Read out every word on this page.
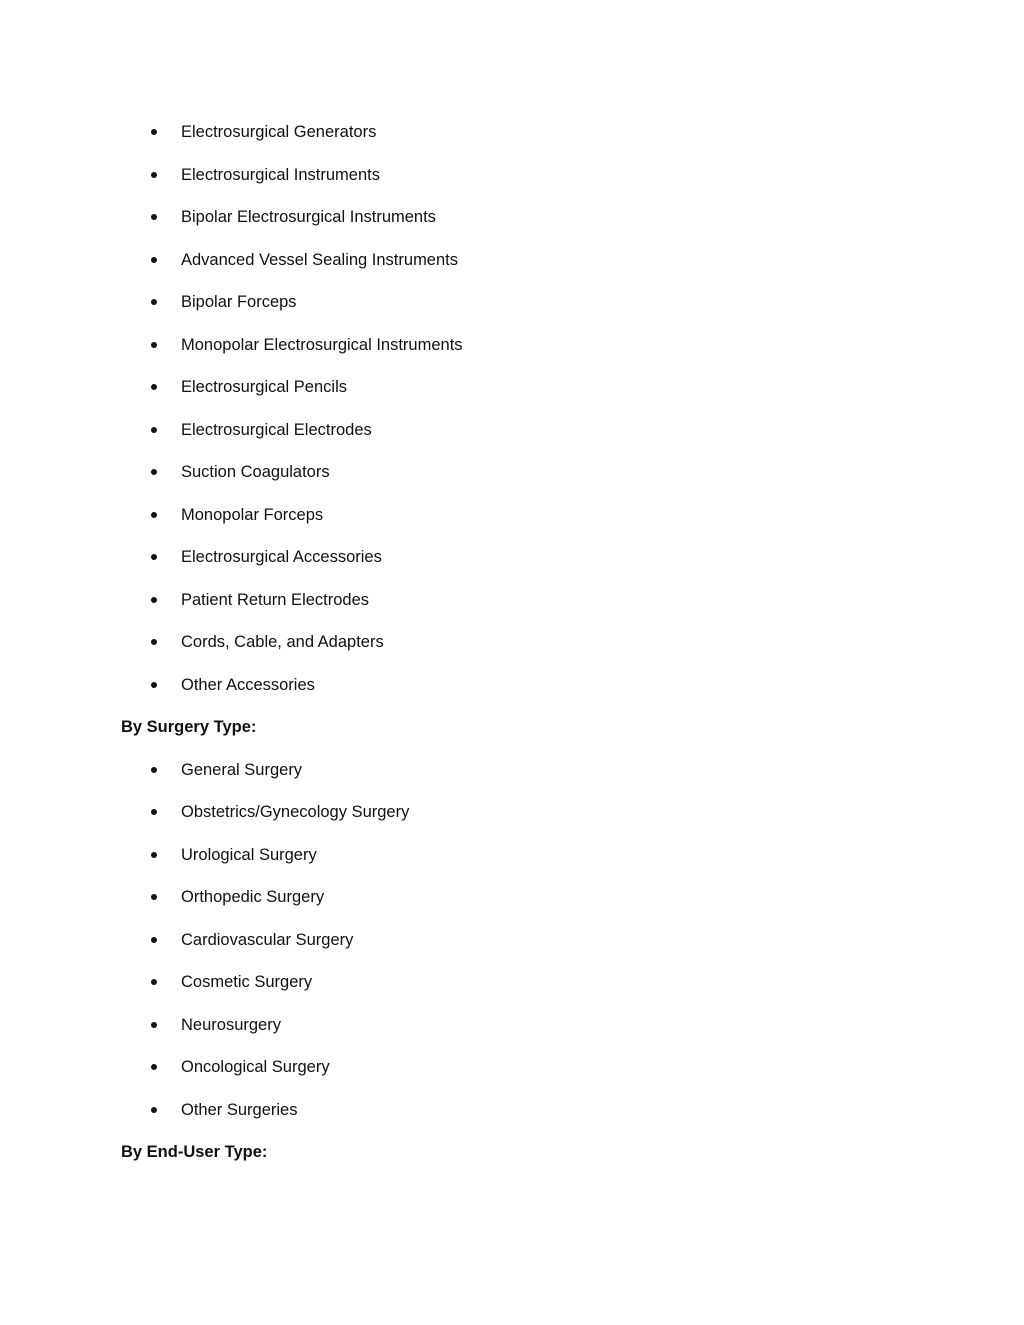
Electrosurgical Generators
Electrosurgical Instruments
Bipolar Electrosurgical Instruments
Advanced Vessel Sealing Instruments
Bipolar Forceps
Monopolar Electrosurgical Instruments
Electrosurgical Pencils
Electrosurgical Electrodes
Suction Coagulators
Monopolar Forceps
Electrosurgical Accessories
Patient Return Electrodes
Cords, Cable, and Adapters
Other Accessories
By Surgery Type:
General Surgery
Obstetrics/Gynecology Surgery
Urological Surgery
Orthopedic Surgery
Cardiovascular Surgery
Cosmetic Surgery
Neurosurgery
Oncological Surgery
Other Surgeries
By End-User Type:
